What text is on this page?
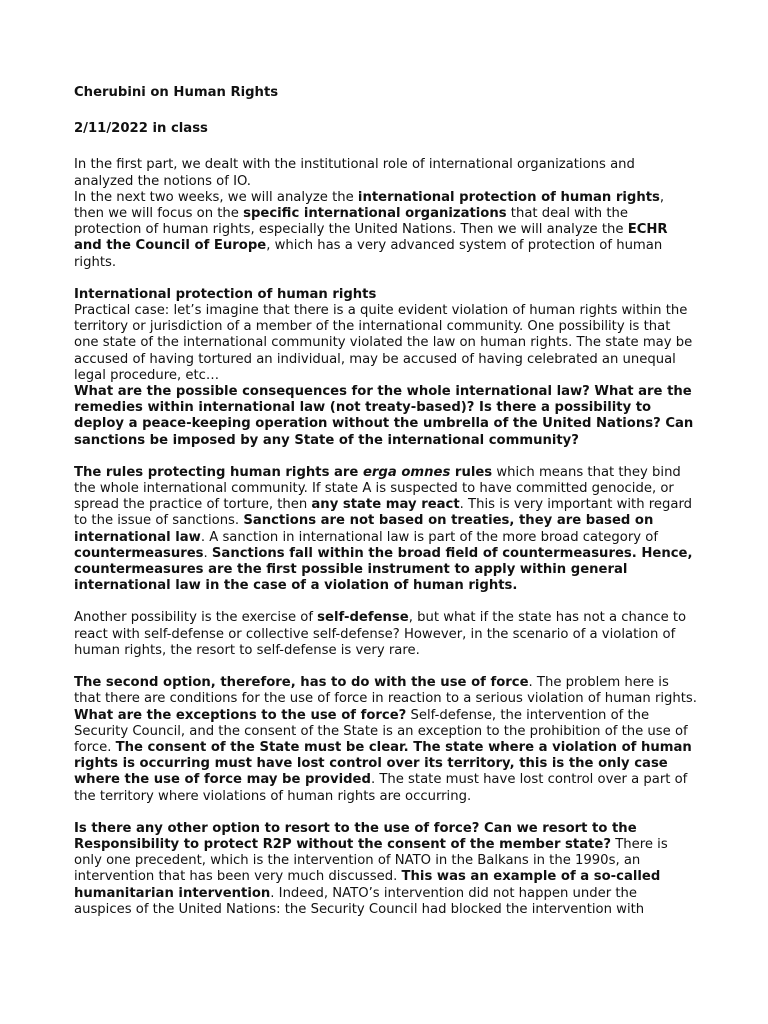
Cherubini on Human Rights

2/11/2022 in class

In the first part, we dealt with the institutional role of international organizations and analyzed the notions of IO.

In the next two weeks, we will analyze the international protection of human rights, then we will focus on the specific international organizations that deal with the protection of human rights, especially the United Nations. Then we will analyze the ECHR and the Council of Europe, which has a very advanced system of protection of human rights.

International protection of human rights

Practical case: let’s imagine that there is a quite evident violation of human rights within the territory or jurisdiction of a member of the international community. One possibility is that one state of the international community violated the law on human rights. The state may be accused of having tortured an individual, may be accused of having celebrated an unequal legal procedure, etc…

What are the possible consequences for the whole international law? What are the remedies within international law (not treaty-based)? Is there a possibility to deploy a peace-keeping operation without the umbrella of the United Nations? Can sanctions be imposed by any State of the international community?

The rules protecting human rights are erga omnes rules which means that they bind the whole international community. If state A is suspected to have committed genocide, or spread the practice of torture, then any state may react. This is very important with regard to the issue of sanctions. Sanctions are not based on treaties, they are based on international law. A sanction in international law is part of the more broad category of countermeasures. Sanctions fall within the broad field of countermeasures. Hence, countermeasures are the first possible instrument to apply within general international law in the case of a violation of human rights.

Another possibility is the exercise of self-defense, but what if the state has not a chance to react with self-defense or collective self-defense? However, in the scenario of a violation of human rights, the resort to self-defense is very rare.

The second option, therefore, has to do with the use of force. The problem here is that there are conditions for the use of force in reaction to a serious violation of human rights. What are the exceptions to the use of force? Self-defense, the intervention of the Security Council, and the consent of the State is an exception to the prohibition of the use of force. The consent of the State must be clear. The state where a violation of human rights is occurring must have lost control over its territory, this is the only case where the use of force may be provided. The state must have lost control over a part of the territory where violations of human rights are occurring.

Is there any other option to resort to the use of force? Can we resort to the Responsibility to protect R2P without the consent of the member state? There is only one precedent, which is the intervention of NATO in the Balkans in the 1990s, an intervention that has been very much discussed. This was an example of a so-called humanitarian intervention. Indeed, NATO’s intervention did not happen under the auspices of the United Nations: the Security Council had blocked the intervention with
